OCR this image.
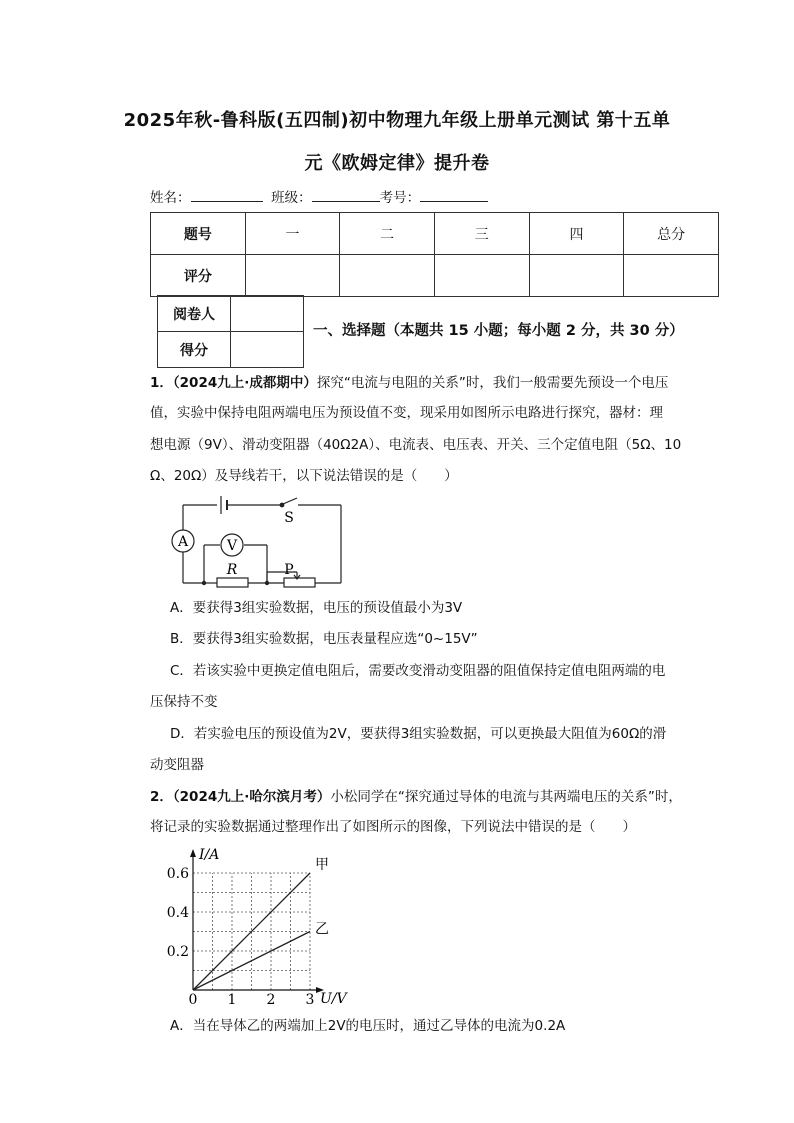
2025年秋-鲁科版(五四制)初中物理九年级上册单元测试 第十五单
元《欧姆定律》提升卷
姓名：	班级：	考号：
题号	一	二	三	四	总分
评分					
阅卷人	
得分	
一、选择题（本题共 15 小题；每小题 2 分，共 30 分）
1．（2024九上·成都期中）探究“电流与电阻的关系”时，我们一般需要先预设一个电压
值，实验中保持电阻两端电压为预设值不变，现采用如图所示电路进行探究，器材：理
想电源（9V）、滑动变阻器（40Ω2A）、电流表、电压表、开关、三个定值电阻（5Ω、10
Ω、20Ω）及导线若干，以下说法错误的是（　　）
A	V
R	P
S
A．要获得3组实验数据，电压的预设值最小为3V
B．要获得3组实验数据，电压表量程应选“0~15V”
C．若该实验中更换定值电阻后，需要改变滑动变阻器的阻值保持定值电阻两端的电
压保持不变
D．若实验电压的预设值为2V，要获得3组实验数据，可以更换最大阻值为60Ω的滑
动变阻器
2．（2024九上·哈尔滨月考）小松同学在“探究通过导体的电流与其两端电压的关系”时，
将记录的实验数据通过整理作出了如图所示的图像，下列说法中错误的是（　　）
I/A
U/V
0 1 2 3
0.2
0.4
0.6
甲
乙
A．当在导体乙的两端加上2V的电压时，通过乙导体的电流为0.2A
